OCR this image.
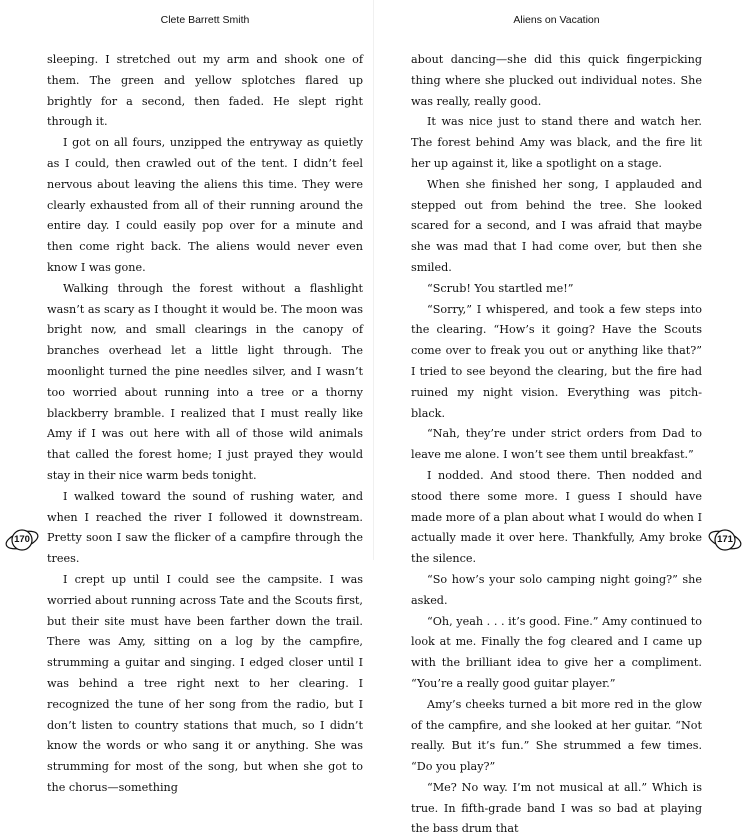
Clete Barrett Smith

sleeping. I stretched out my arm and shook one of them. The green and yellow splotches flared up brightly for a second, then faded. He slept right through it.

I got on all fours, unzipped the entryway as quietly as I could, then crawled out of the tent. I didn’t feel nervous about leaving the aliens this time. They were clearly exhausted from all of their running around the entire day. I could easily pop over for a minute and then come right back. The aliens would never even know I was gone.

Walking through the forest without a flashlight wasn’t as scary as I thought it would be. The moon was bright now, and small clearings in the canopy of branches overhead let a little light through. The moonlight turned the pine needles silver, and I wasn’t too worried about running into a tree or a thorny blackberry bramble. I realized that I must really like Amy if I was out here with all of those wild animals that called the forest home; I just prayed they would stay in their nice warm beds tonight.

I walked toward the sound of rushing water, and when I reached the river I followed it downstream. Pretty soon I saw the flicker of a campfire through the trees.

I crept up until I could see the campsite. I was worried about running across Tate and the Scouts first, but their site must have been farther down the trail. There was Amy, sitting on a log by the campfire, strumming a guitar and singing. I edged closer until I was behind a tree right next to her clearing. I recognized the tune of her song from the radio, but I don’t listen to country stations that much, so I didn’t know the words or who sang it or anything. She was strumming for most of the song, but when she got to the chorus—something

170
Aliens on Vacation

about dancing—she did this quick fingerpicking thing where she plucked out individual notes. She was really, really good.

It was nice just to stand there and watch her. The forest behind Amy was black, and the fire lit her up against it, like a spotlight on a stage.

When she finished her song, I applauded and stepped out from behind the tree. She looked scared for a second, and I was afraid that maybe she was mad that I had come over, but then she smiled.

“Scrub! You startled me!”

“Sorry,” I whispered, and took a few steps into the clearing. “How’s it going? Have the Scouts come over to freak you out or anything like that?” I tried to see beyond the clearing, but the fire had ruined my night vision. Everything was pitch-black.

“Nah, they’re under strict orders from Dad to leave me alone. I won’t see them until breakfast.”

I nodded. And stood there. Then nodded and stood there some more. I guess I should have made more of a plan about what I would do when I actually made it over here. Thankfully, Amy broke the silence.

“So how’s your solo camping night going?” she asked.

“Oh, yeah . . . it’s good. Fine.” Amy continued to look at me. Finally the fog cleared and I came up with the brilliant idea to give her a compliment. “You’re a really good guitar player.”

Amy’s cheeks turned a bit more red in the glow of the campfire, and she looked at her guitar. “Not really. But it’s fun.” She strummed a few times. “Do you play?”

“Me? No way. I’m not musical at all.” Which is true. In fifth-grade band I was so bad at playing the bass drum that

171
